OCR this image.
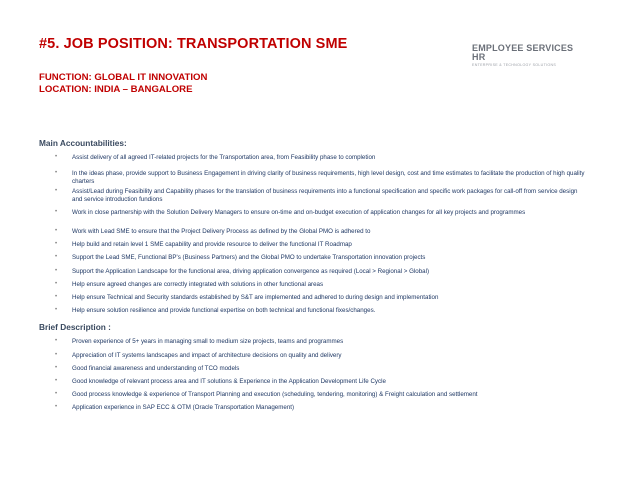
#5. JOB POSITION: TRANSPORTATION SME
FUNCTION: GLOBAL IT INNOVATION
LOCATION: INDIA – BANGALORE
EMPLOYEE SERVICES
HR
ENTERPRISE & TECHNOLOGY SOLUTIONS
Main Accountabilities:
• Assist delivery of all agreed IT-related projects for the Transportation area, from Feasibility phase to completion
• In the ideas phase, provide support to Business Engagement in driving clarity of business requirements, high level design, cost and time estimates to facilitate the production of high quality charters
• Assist/Lead during Feasibility and Capability phases for the translation of business requirements into a functional specification and specific work packages for call-off from service design and service introduction fundions
• Work in close partnership with the Solution Delivery Managers to ensure on-time and on-budget execution of application changes for all key projects and programmes
• Work with Lead SME to ensure that the Project Delivery Process as defined by the Global PMO is adhered to
• Help build and retain level 1 SME capability and provide resource to deliver the functional IT Roadmap
• Support the Lead SME, Functional BP's (Business Partners) and the Global PMO to undertake Transportation innovation projects
• Support the Application Landscape for the functional area, driving application convergence as required (Local > Regional > Global)
• Help ensure agreed changes are correctly integrated with solutions in other functional areas
• Help ensure Technical and Security standards established by S&T are implemented and adhered to during design and implementation
• Help ensure solution resilience and provide functional expertise on both technical and functional fixes/changes.
Brief Description :
• Proven experience of 5+ years in managing small to medium size projects, teams and programmes
• Appreciation of IT systems landscapes and impact of architecture decisions on quality and delivery
• Good financial awareness and understanding of TCO models
• Good knowledge of relevant process area and IT solutions & Experience in the Application Development Life Cycle
• Good process knowledge & experience of Transport Planning and execution (scheduling, tendering, monitoring) & Freight calculation and settlement
• Application experience in SAP ECC & OTM (Oracle Transportation Management)
